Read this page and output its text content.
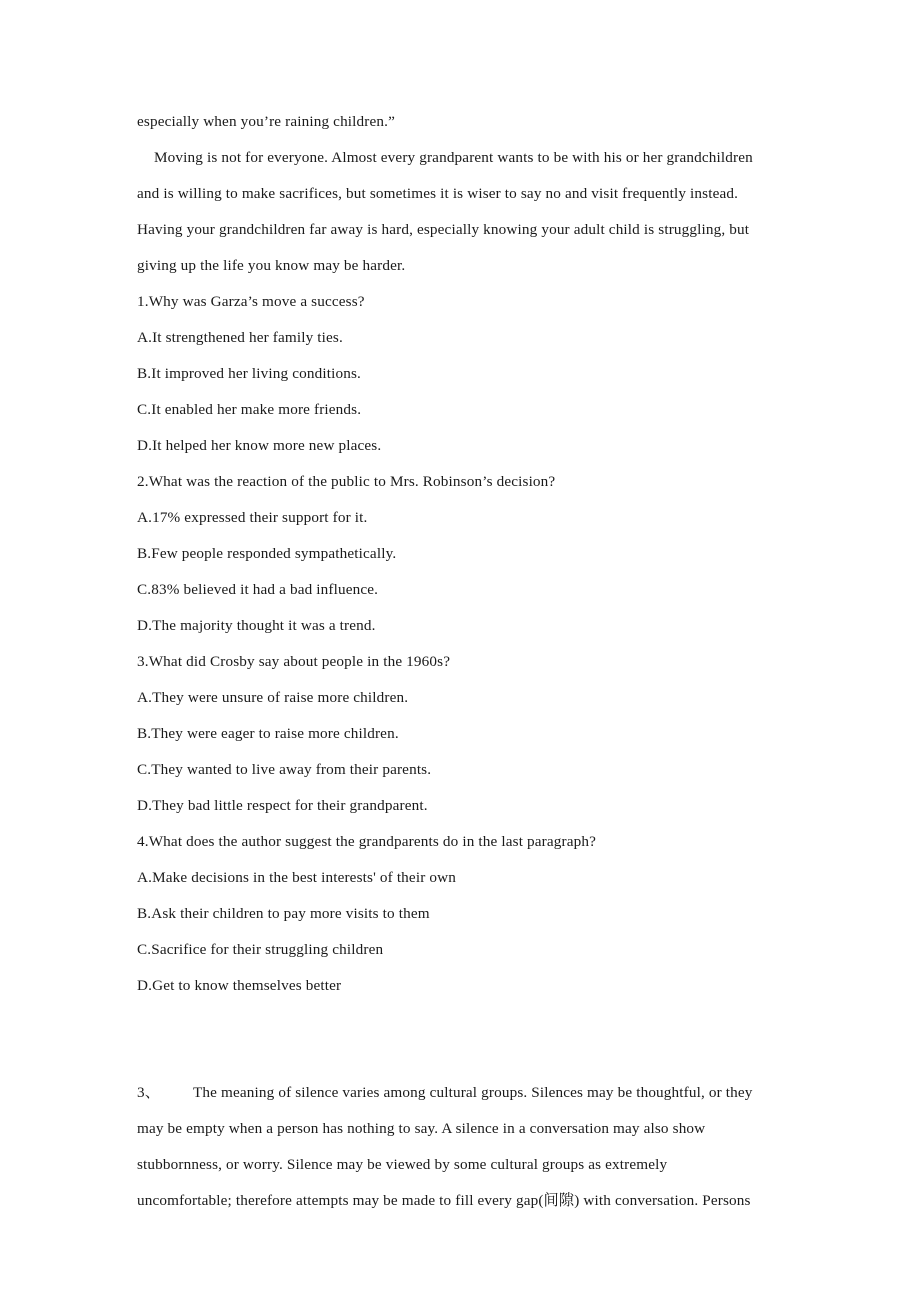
especially when you’re raining children.”
Moving is not for everyone. Almost every grandparent wants to be with his or her grandchildren
and is willing to make sacrifices, but sometimes it is wiser to say no and visit frequently instead.
Having your grandchildren far away is hard, especially knowing your adult child is struggling, but
giving up the life you know may be harder.
1.Why was Garza’s move a success?
A.It strengthened her family ties.
B.It improved her living conditions.
C.It enabled her make more friends.
D.It helped her know more new places.
2.What was the reaction of the public to Mrs. Robinson’s decision?
A.17% expressed their support for it.
B.Few people responded sympathetically.
C.83% believed it had a bad influence.
D.The majority thought it was a trend.
3.What did Crosby say about people in the 1960s?
A.They were unsure of raise more children.
B.They were eager to raise more children.
C.They wanted to live away from their parents.
D.They bad little respect for their grandparent.
4.What does the author suggest the grandparents do in the last paragraph?
A.Make decisions in the best interests' of their own
B.Ask their children to pay more visits to them
C.Sacrifice for their struggling children
D.Get to know themselves better
3、 The meaning of silence varies among cultural groups. Silences may be thoughtful, or they
may be empty when a person has nothing to say. A silence in a conversation may also show
stubbornness, or worry. Silence may be viewed by some cultural groups as extremely
uncomfortable; therefore attempts may be made to fill every gap(间隙) with conversation. Persons
